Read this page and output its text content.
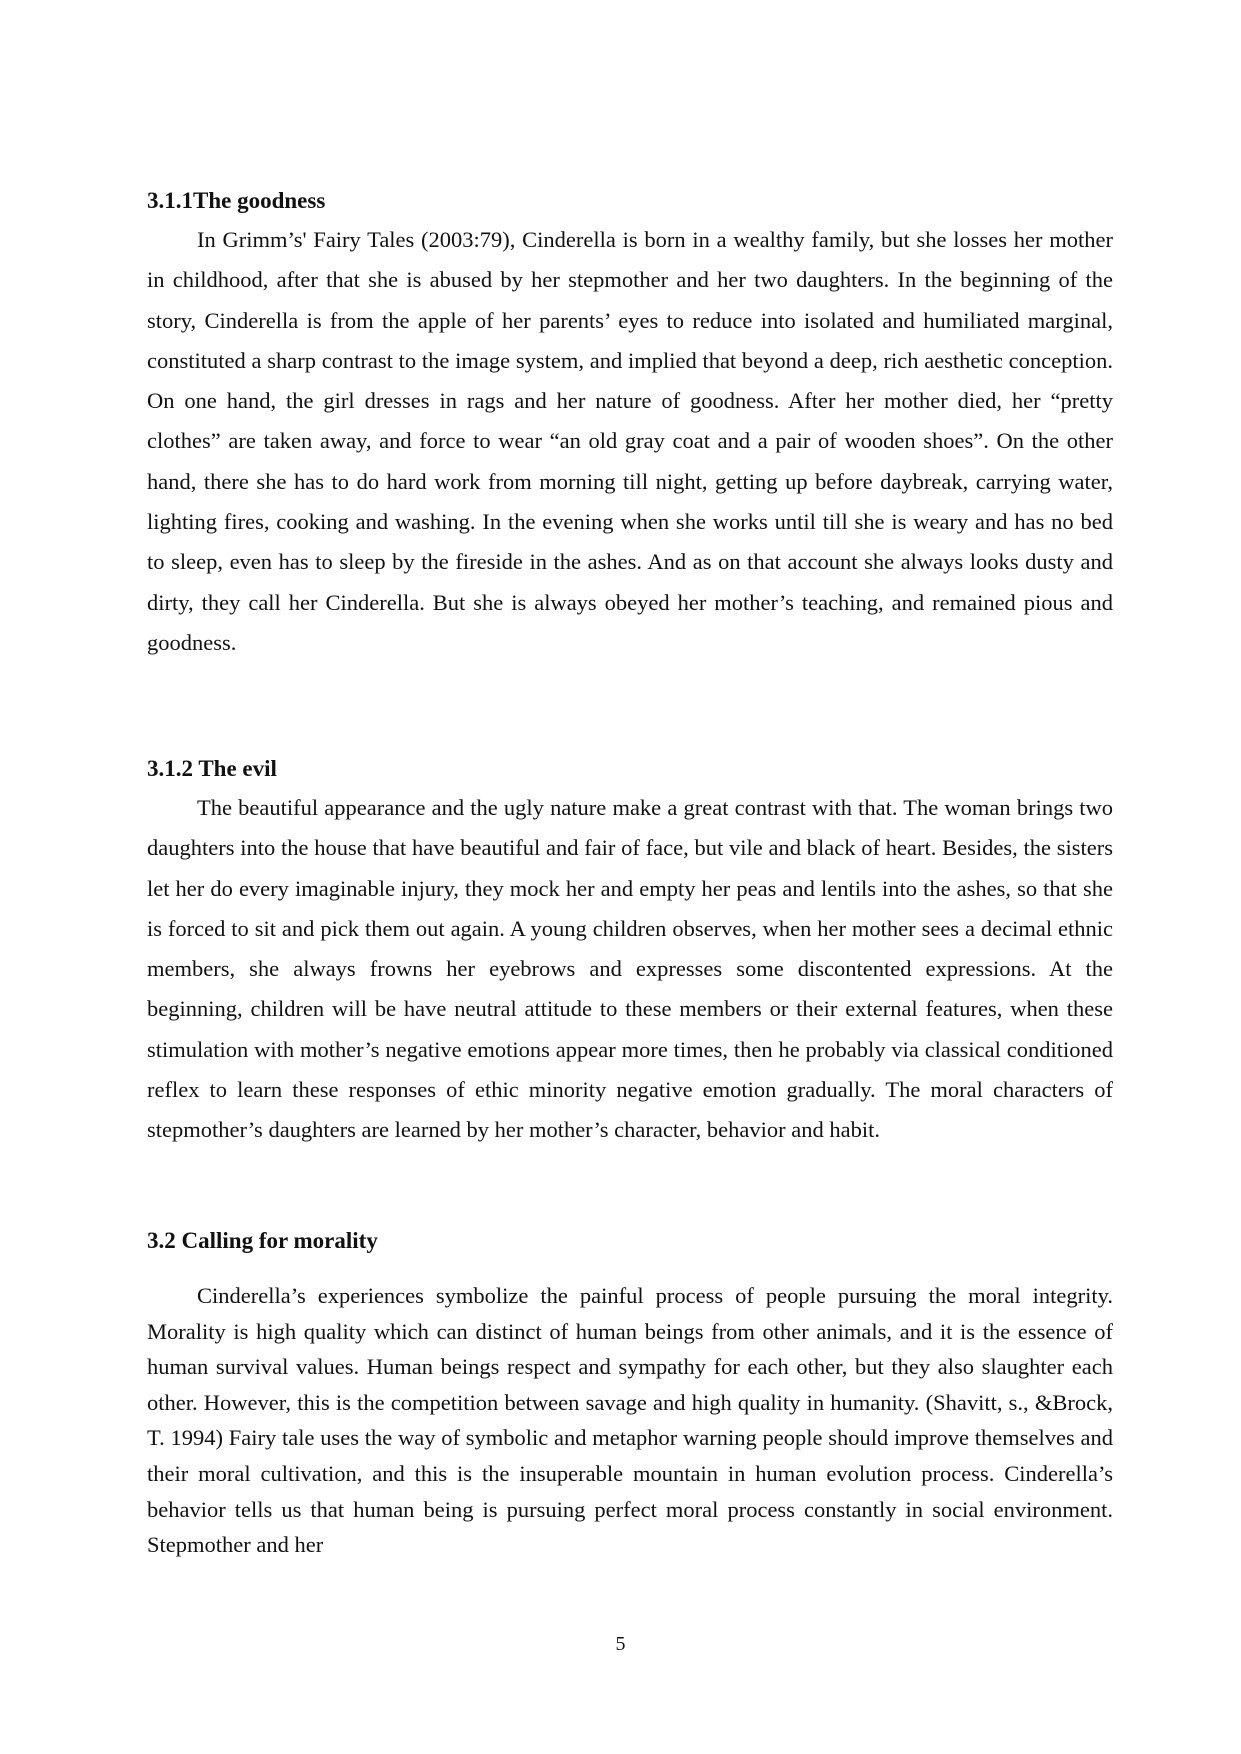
3.1.1The goodness

In Grimm’s' Fairy Tales (2003:79), Cinderella is born in a wealthy family, but she losses her mother in childhood, after that she is abused by her stepmother and her two daughters. In the beginning of the story, Cinderella is from the apple of her parents’ eyes to reduce into isolated and humiliated marginal, constituted a sharp contrast to the image system, and implied that beyond a deep, rich aesthetic conception. On one hand, the girl dresses in rags and her nature of goodness. After her mother died, her “pretty clothes” are taken away, and force to wear “an old gray coat and a pair of wooden shoes”. On the other hand, there she has to do hard work from morning till night, getting up before daybreak, carrying water, lighting fires, cooking and washing. In the evening when she works until till she is weary and has no bed to sleep, even has to sleep by the fireside in the ashes. And as on that account she always looks dusty and dirty, they call her Cinderella. But she is always obeyed her mother’s teaching, and remained pious and goodness.

3.1.2 The evil

The beautiful appearance and the ugly nature make a great contrast with that. The woman brings two daughters into the house that have beautiful and fair of face, but vile and black of heart. Besides, the sisters let her do every imaginable injury, they mock her and empty her peas and lentils into the ashes, so that she is forced to sit and pick them out again. A young children observes, when her mother sees a decimal ethnic members, she always frowns her eyebrows and expresses some discontented expressions. At the beginning, children will be have neutral attitude to these members or their external features, when these stimulation with mother’s negative emotions appear more times, then he probably via classical conditioned reflex to learn these responses of ethic minority negative emotion gradually. The moral characters of stepmother’s daughters are learned by her mother’s character, behavior and habit.

3.2 Calling for morality

Cinderella’s experiences symbolize the painful process of people pursuing the moral integrity. Morality is high quality which can distinct of human beings from other animals, and it is the essence of human survival values. Human beings respect and sympathy for each other, but they also slaughter each other. However, this is the competition between savage and high quality in humanity. (Shavitt, s., &Brock, T. 1994) Fairy tale uses the way of symbolic and metaphor warning people should improve themselves and their moral cultivation, and this is the insuperable mountain in human evolution process. Cinderella’s behavior tells us that human being is pursuing perfect moral process constantly in social environment. Stepmother and her

5
